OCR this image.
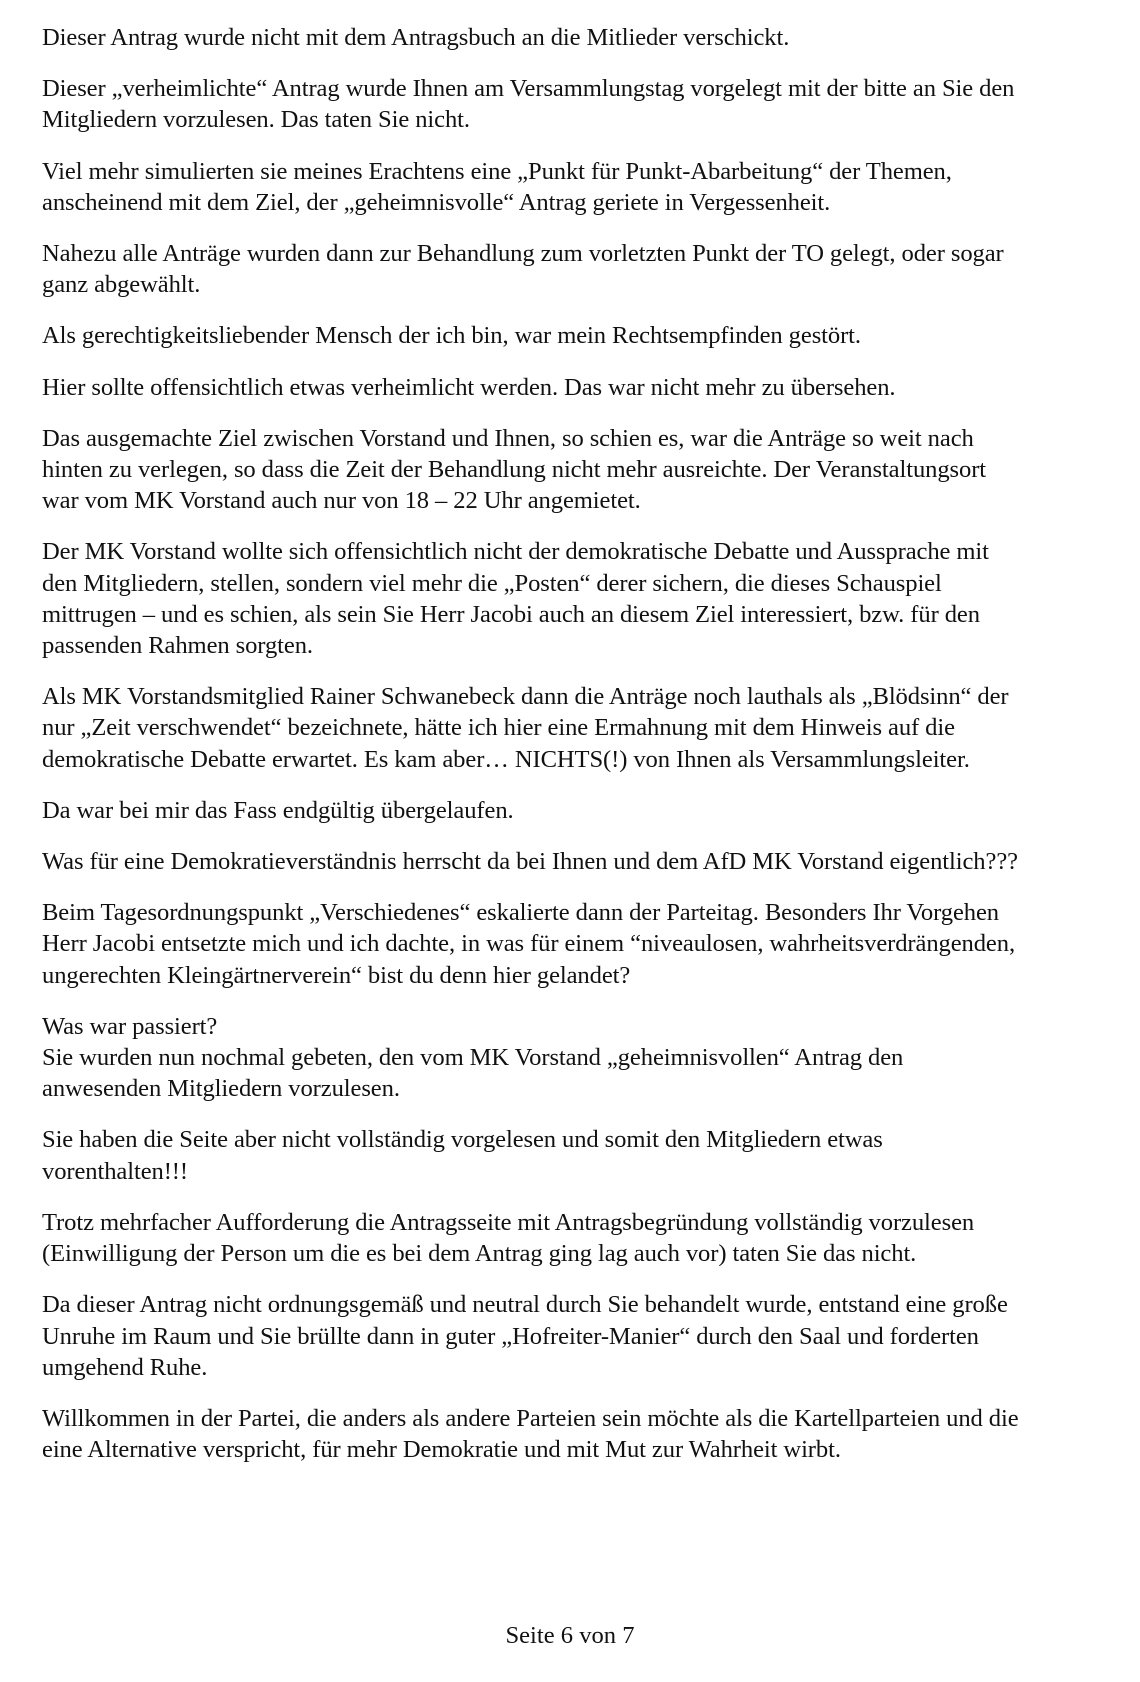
Dieser Antrag wurde nicht mit dem Antragsbuch an die Mitlieder verschickt.

Dieser „verheimlichte“ Antrag wurde Ihnen am Versammlungstag vorgelegt mit der bitte an Sie den
Mitgliedern vorzulesen. Das taten Sie nicht.

Viel mehr simulierten sie meines Erachtens eine „Punkt für Punkt-Abarbeitung“ der Themen,
anscheinend mit dem Ziel, der „geheimnisvolle“ Antrag geriete in Vergessenheit.

Nahezu alle Anträge wurden dann zur Behandlung zum vorletzten Punkt der TO gelegt, oder sogar
ganz abgewählt.

Als gerechtigkeitsliebender Mensch der ich bin, war mein Rechtsempfinden gestört.

Hier sollte offensichtlich etwas verheimlicht werden. Das war nicht mehr zu übersehen.

Das ausgemachte Ziel zwischen Vorstand und Ihnen, so schien es, war die Anträge so weit nach
hinten zu verlegen, so dass die Zeit der Behandlung nicht mehr ausreichte. Der Veranstaltungsort
war vom MK Vorstand auch nur von 18 – 22 Uhr angemietet.

Der MK Vorstand wollte sich offensichtlich nicht der demokratische Debatte und Aussprache mit
den Mitgliedern, stellen, sondern viel mehr die „Posten“ derer sichern, die dieses Schauspiel
mittrugen – und es schien, als sein Sie Herr Jacobi auch an diesem Ziel interessiert, bzw. für den
passenden Rahmen sorgten.

Als MK Vorstandsmitglied Rainer Schwanebeck dann die Anträge noch lauthals als „Blödsinn“ der
nur „Zeit verschwendet“ bezeichnete, hätte ich hier eine Ermahnung mit dem Hinweis auf die
demokratische Debatte erwartet. Es kam aber… NICHTS(!) von Ihnen als Versammlungsleiter.

Da war bei mir das Fass endgültig übergelaufen.

Was für eine Demokratieverständnis herrscht da bei Ihnen und dem AfD MK Vorstand eigentlich???

Beim Tagesordnungspunkt „Verschiedenes“ eskalierte dann der Parteitag. Besonders Ihr Vorgehen
Herr Jacobi entsetzte mich und ich dachte, in was für einem “niveaulosen, wahrheitsverdrängenden,
ungerechten Kleingärtnerverein“ bist du denn hier gelandet?

Was war passiert?
Sie wurden nun nochmal gebeten, den vom MK Vorstand „geheimnisvollen“ Antrag den
anwesenden Mitgliedern vorzulesen.

Sie haben die Seite aber nicht vollständig vorgelesen und somit den Mitgliedern etwas
vorenthalten!!!

Trotz mehrfacher Aufforderung die Antragsseite mit Antragsbegründung vollständig vorzulesen
(Einwilligung der Person um die es bei dem Antrag ging lag auch vor) taten Sie das nicht.

Da dieser Antrag nicht ordnungsgemäß und neutral durch Sie behandelt wurde, entstand eine große
Unruhe im Raum und Sie brüllte dann in guter „Hofreiter-Manier“ durch den Saal und forderten
umgehend Ruhe.

Willkommen in der Partei, die anders als andere Parteien sein möchte als die Kartellparteien und die
eine Alternative verspricht, für mehr Demokratie und mit Mut zur Wahrheit wirbt.

Seite 6 von 7
